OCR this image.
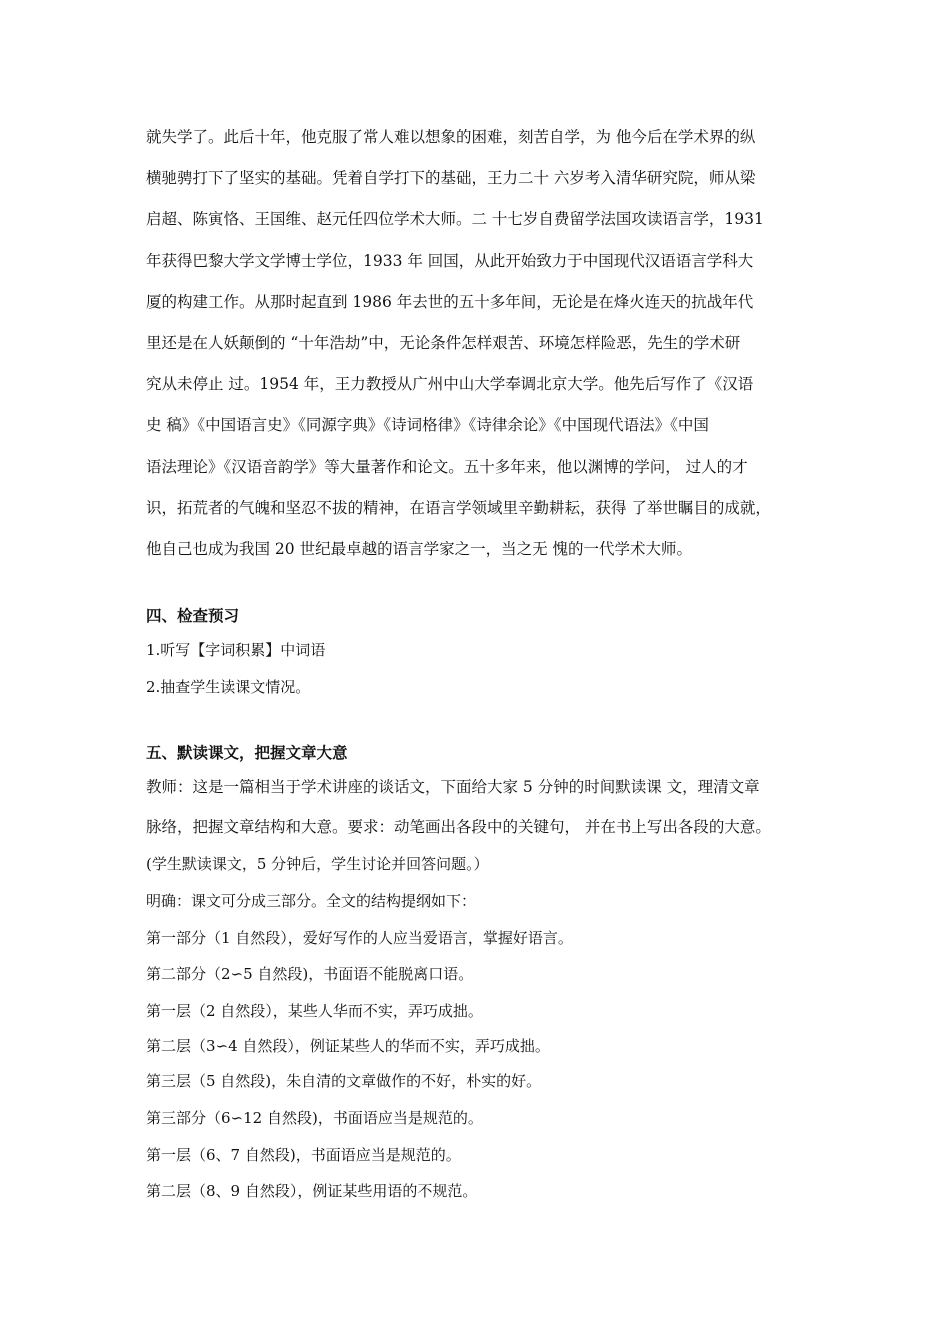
就失学了。此后十年，他克服了常人难以想象的困难，刻苦自学，为 他今后在学术界的纵
横驰骋打下了坚实的基础。凭着自学打下的基础，王力二十 六岁考入清华研究院，师从梁
启超、陈寅恪、王国维、赵元任四位学术大师。二 十七岁自费留学法国攻读语言学，1931
年获得巴黎大学文学博士学位，1933 年 回国，从此开始致力于中国现代汉语语言学科大
厦的构建工作。从那时起直到 1986 年去世的五十多年间，无论是在烽火连天的抗战年代
里还是在人妖颠倒的 “十年浩劫”中，无论条件怎样艰苦、环境怎样险恶，先生的学术研
究从未停止 过。1954 年，王力教授从广州中山大学奉调北京大学。他先后写作了《汉语
史 稿》《中国语言史》《同源字典》《诗词格律》《诗律余论》《中国现代语法》《中国
语法理论》《汉语音韵学》等大量著作和论文。五十多年来，他以渊博的学问， 过人的才
识，拓荒者的气魄和坚忍不拔的精神，在语言学领域里辛勤耕耘，获得 了举世瞩目的成就，
他自己也成为我国 20 世纪最卓越的语言学家之一，当之无 愧的一代学术大师。
四、检查预习
1.听写【字词积累】中词语
2.抽查学生读课文情况。
五、默读课文，把握文章大意
教师：这是一篇相当于学术讲座的谈话文，下面给大家 5 分钟的时间默读课 文，理清文章
脉络，把握文章结构和大意。要求：动笔画出各段中的关键句， 并在书上写出各段的大意。
(学生默读课文，5 分钟后，学生讨论并回答问题。）
明确：课文可分成三部分。全文的结构提纲如下：
第一部分（1 自然段），爱好写作的人应当爱语言，掌握好语言。
第二部分（2∽5 自然段)，书面语不能脱离口语。
第一层（2 自然段），某些人华而不实，弄巧成拙。
第二层（3∽4 自然段），例证某些人的华而不实，弄巧成拙。
第三层（5 自然段)，朱自清的文章做作的不好，朴实的好。
第三部分（6∽12 自然段)，书面语应当是规范的。
第一层（6、7 自然段)，书面语应当是规范的。
第二层（8、9 自然段），例证某些用语的不规范。
